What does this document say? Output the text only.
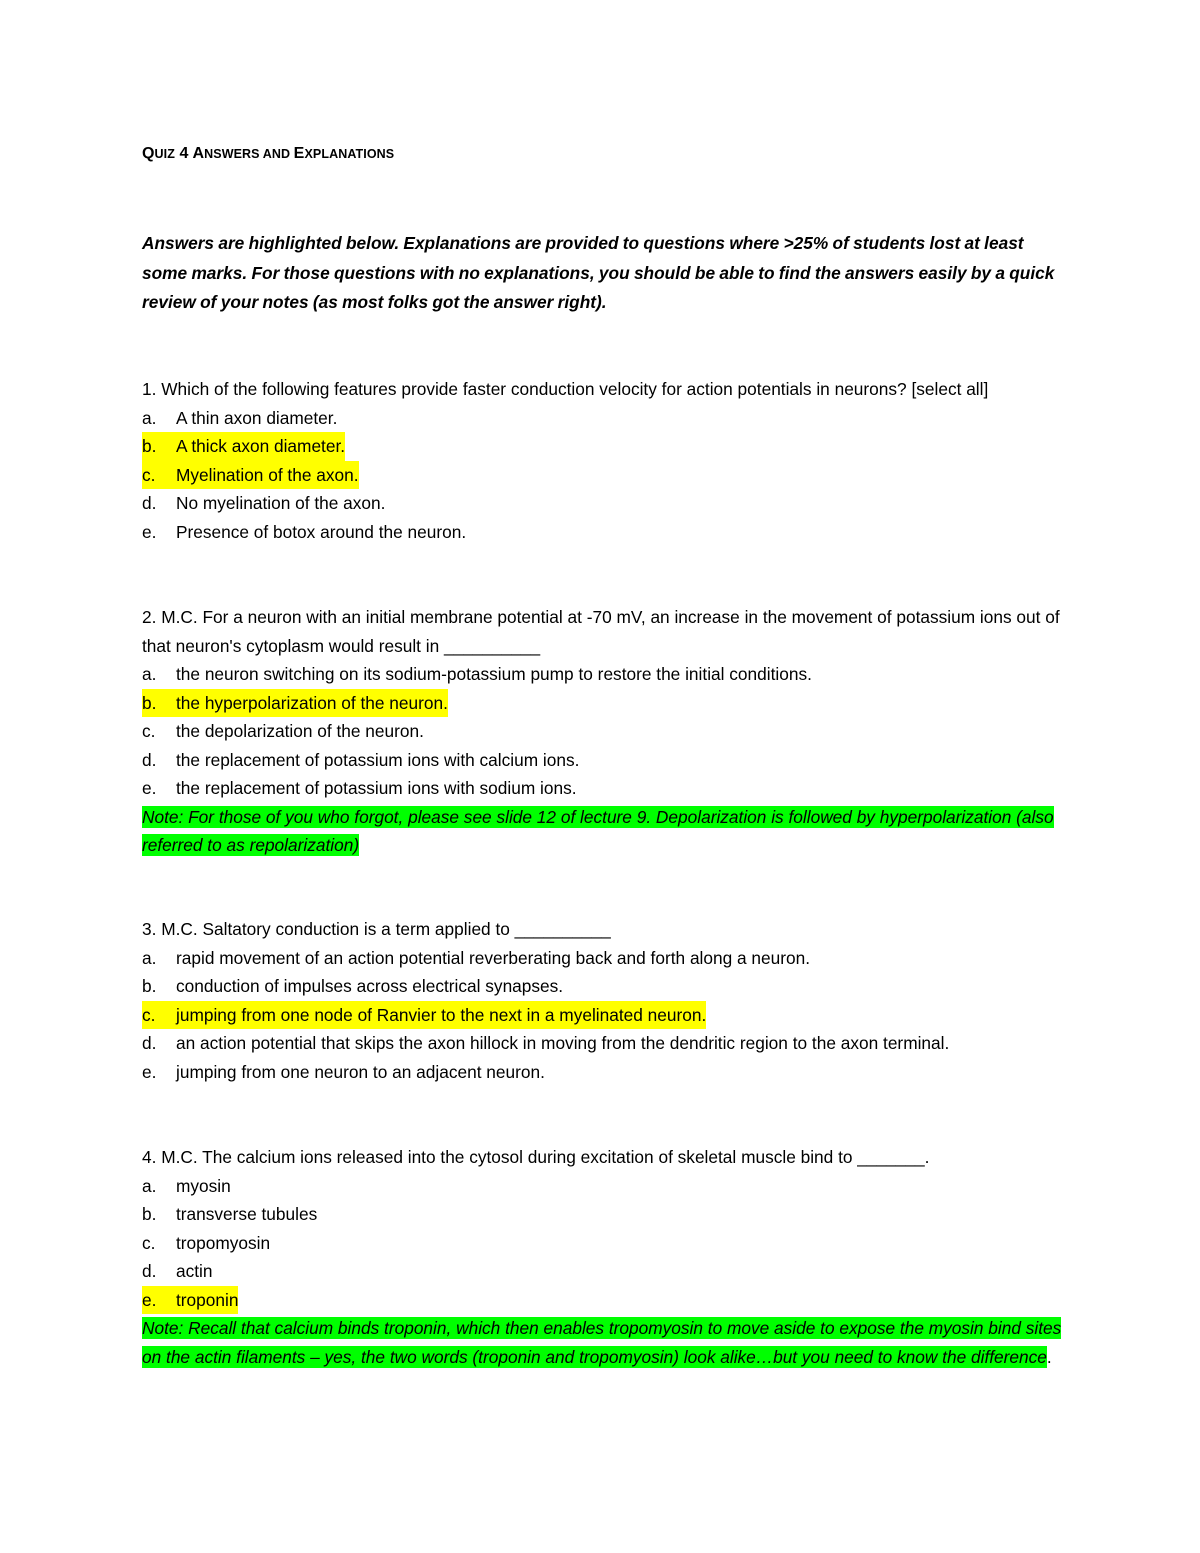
QUIZ 4 ANSWERS AND EXPLANATIONS

Answers are highlighted below. Explanations are provided to questions where >25% of students lost at least some marks. For those questions with no explanations, you should be able to find the answers easily by a quick review of your notes (as most folks got the answer right).

1. Which of the following features provide faster conduction velocity for action potentials in neurons? [select all]

a.	A thin axon diameter.
b. A thick axon diameter.
c. Myelination of the axon.
d.	No myelination of the axon.
e.	Presence of botox around the neuron.

2. M.C. For a neuron with an initial membrane potential at -70 mV, an increase in the movement of potassium ions out of that neuron's cytoplasm would result in __________

a.	the neuron switching on its sodium-potassium pump to restore the initial conditions.
b. the hyperpolarization of the neuron.
c.	the depolarization of the neuron.
d.	the replacement of potassium ions with calcium ions.
e.	the replacement of potassium ions with sodium ions.

Note: For those of you who forgot, please see slide 12 of lecture 9. Depolarization is followed by hyperpolarization (also referred to as repolarization)

3. M.C. Saltatory conduction is a term applied to __________

a.	rapid movement of an action potential reverberating back and forth along a neuron.
b.	conduction of impulses across electrical synapses.
c. jumping from one node of Ranvier to the next in a myelinated neuron.
d.	an action potential that skips the axon hillock in moving from the dendritic region to the axon terminal.
e.	jumping from one neuron to an adjacent neuron.

4. M.C. The calcium ions released into the cytosol during excitation of skeletal muscle bind to _______.

a.	myosin
b.	transverse tubules
c.	tropomyosin
d.	actin
e. troponin

Note: Recall that calcium binds troponin, which then enables tropomyosin to move aside to expose the myosin bind sites on the actin filaments – yes, the two words (troponin and tropomyosin) look alike…but you need to know the difference.
